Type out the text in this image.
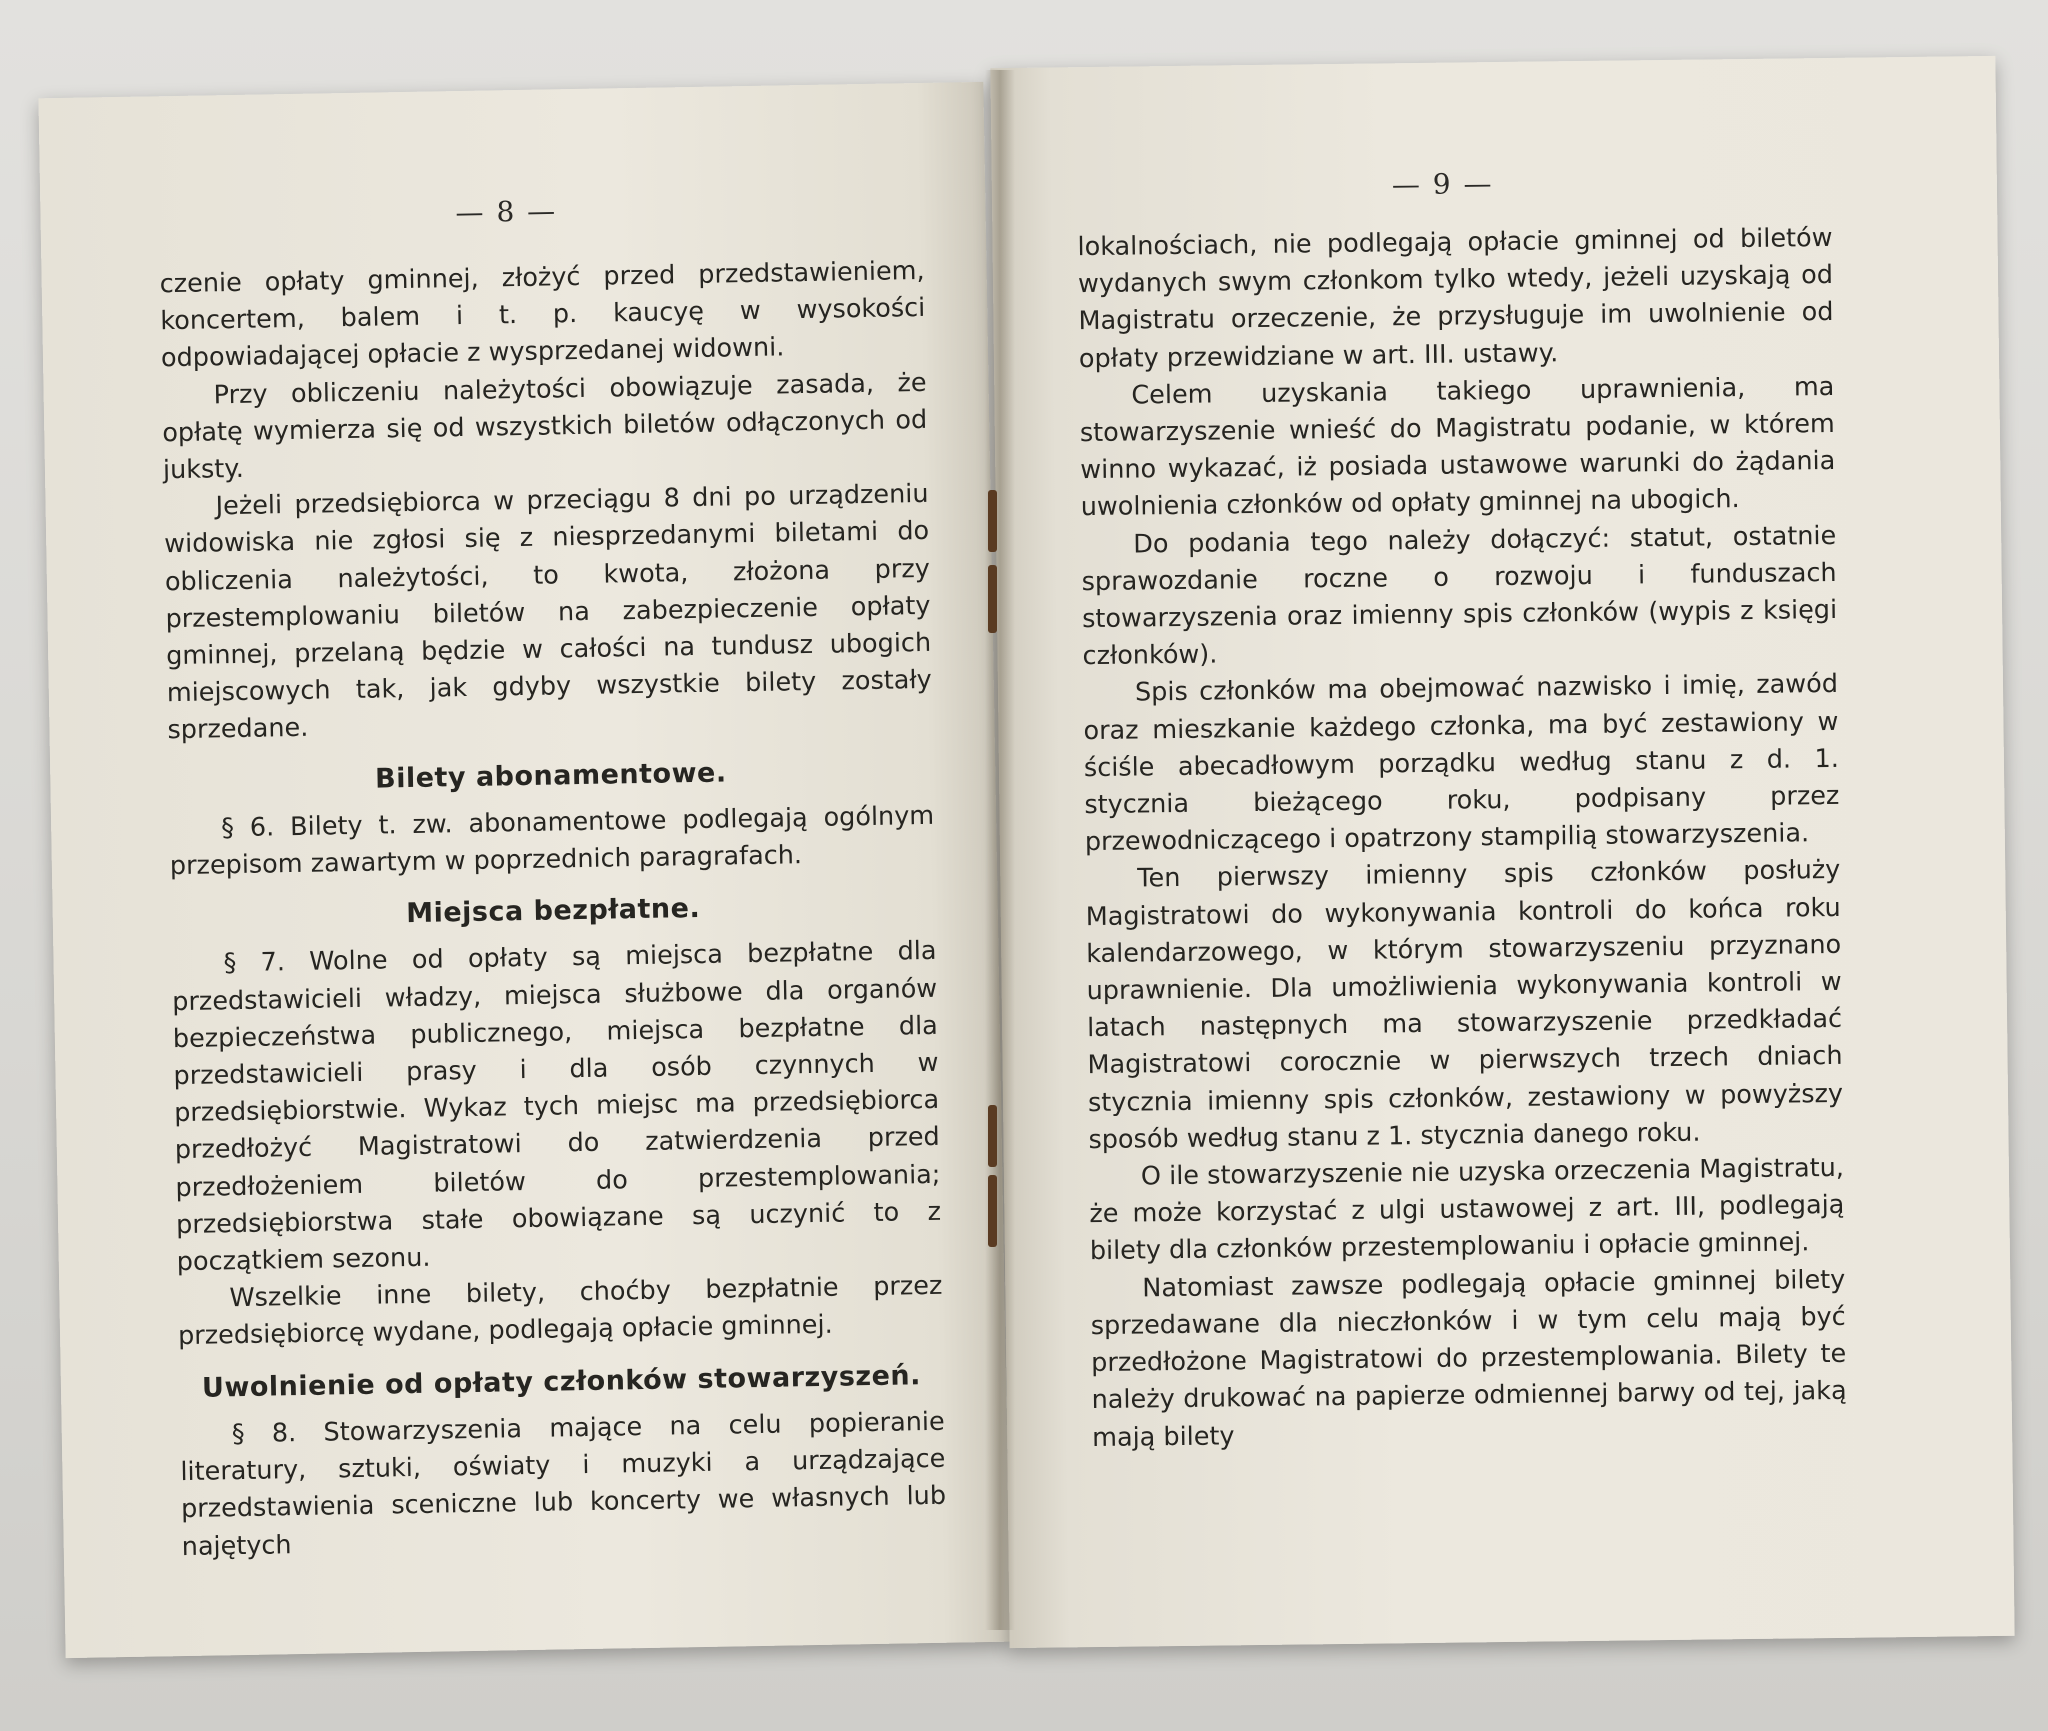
— 8 —

czenie opłaty gminnej, złożyć przed przedstawieniem, koncertem, balem i t. p. kaucyę w wysokości odpowiadającej opłacie z wysprzedanej widowni.

Przy obliczeniu należytości obowiązuje zasada, że opłatę wymierza się od wszystkich biletów odłączonych od juksty.

Jeżeli przedsiębiorca w przeciągu 8 dni po urządzeniu widowiska nie zgłosi się z niesprzedanymi biletami do obliczenia należytości, to kwota, złożona przy przestemplowaniu biletów na zabezpieczenie opłaty gminnej, przelaną będzie w całości na tundusz ubogich miejscowych tak, jak gdyby wszystkie bilety zostały sprzedane.

Bilety abonamentowe.

§ 6. Bilety t. zw. abonamentowe podlegają ogólnym przepisom zawartym w poprzednich paragrafach.

Miejsca bezpłatne.

§ 7. Wolne od opłaty są miejsca bezpłatne dla przedstawicieli władzy, miejsca służbowe dla organów bezpieczeństwa publicznego, miejsca bezpłatne dla przedstawicieli prasy i dla osób czynnych w przedsiębiorstwie. Wykaz tych miejsc ma przedsiębiorca przedłożyć Magistratowi do zatwierdzenia przed przedłożeniem biletów do przestemplowania; przedsiębiorstwa stałe obowiązane są uczynić to z początkiem sezonu.

Wszelkie inne bilety, choćby bezpłatnie przez przedsiębiorcę wydane, podlegają opłacie gminnej.

Uwolnienie od opłaty członków stowarzyszeń.

§ 8. Stowarzyszenia mające na celu popieranie literatury, sztuki, oświaty i muzyki a urządzające przedstawienia sceniczne lub koncerty we własnych lub najętych

— 9 —

lokalnościach, nie podlegają opłacie gminnej od biletów wydanych swym członkom tylko wtedy, jeżeli uzyskają od Magistratu orzeczenie, że przysługuje im uwolnienie od opłaty przewidziane w art. III. ustawy.

Celem uzyskania takiego uprawnienia, ma stowarzyszenie wnieść do Magistratu podanie, w którem winno wykazać, iż posiada ustawowe warunki do żądania uwolnienia członków od opłaty gminnej na ubogich.

Do podania tego należy dołączyć: statut, ostatnie sprawozdanie roczne o rozwoju i funduszach stowarzyszenia oraz imienny spis członków (wypis z księgi członków).

Spis członków ma obejmować nazwisko i imię, zawód oraz mieszkanie każdego członka, ma być zestawiony w ściśle abecadłowym porządku według stanu z d. 1. stycznia bieżącego roku, podpisany przez przewodniczącego i opatrzony stampilią stowarzyszenia.

Ten pierwszy imienny spis członków posłuży Magistratowi do wykonywania kontroli do końca roku kalendarzowego, w którym stowarzyszeniu przyznano uprawnienie. Dla umożliwienia wykonywania kontroli w latach następnych ma stowarzyszenie przedkładać Magistratowi corocznie w pierwszych trzech dniach stycznia imienny spis członków, zestawiony w powyższy sposób według stanu z 1. stycznia danego roku.

O ile stowarzyszenie nie uzyska orzeczenia Magistratu, że może korzystać z ulgi ustawowej z art. III, podlegają bilety dla członków przestemplowaniu i opłacie gminnej.

Natomiast zawsze podlegają opłacie gminnej bilety sprzedawane dla nieczłonków i w tym celu mają być przedłożone Magistratowi do przestemplowania. Bilety te należy drukować na papierze odmiennej barwy od tej, jaką mają bilety
